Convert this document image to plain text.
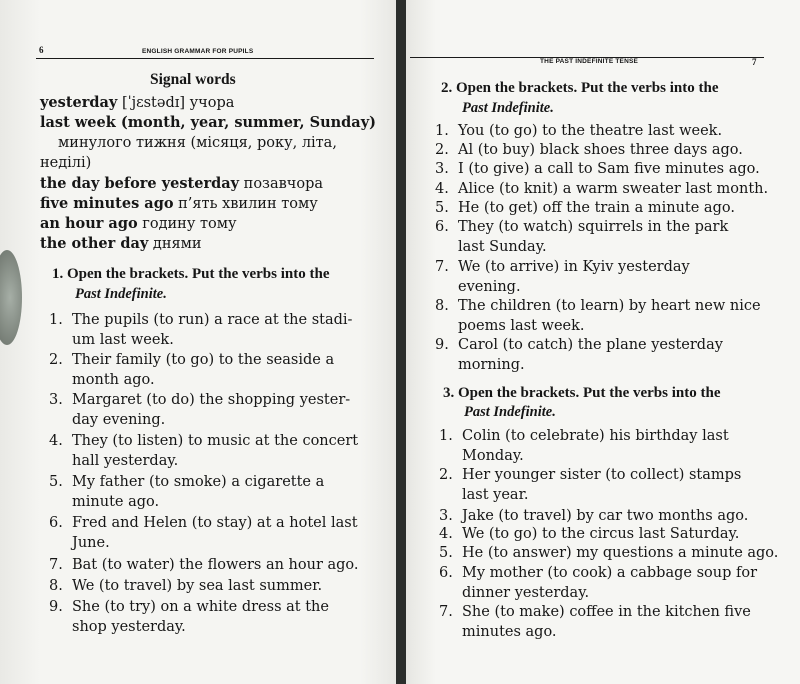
6	ENGLISH GRAMMAR FOR PUPILS
Signal words
yesterday [ˈjɛstədɪ] учора
last week (month, year, summer, Sunday)
минулого тижня (місяця, року, літа,
неділі)
the day before yesterday позавчора
five minutes ago п’ять хвилин тому
an hour ago годину тому
the other day днями
1. Open the brackets. Put the verbs into the
Past Indefinite.
1. The pupils (to run) a race at the stadi-
um last week.
2. Their family (to go) to the seaside a
month ago.
3. Margaret (to do) the shopping yester-
day evening.
4. They (to listen) to music at the concert
hall yesterday.
5. My father (to smoke) a cigarette a
minute ago.
6. Fred and Helen (to stay) at a hotel last
June.
7. Bat (to water) the flowers an hour ago.
8. We (to travel) by sea last summer.
9. She (to try) on a white dress at the
shop yesterday.
THE PAST INDEFINITE TENSE	7
2. Open the brackets. Put the verbs into the
Past Indefinite.
1. You (to go) to the theatre last week.
2. Al (to buy) black shoes three days ago.
3. I (to give) a call to Sam five minutes ago.
4. Alice (to knit) a warm sweater last month.
5. He (to get) off the train a minute ago.
6. They (to watch) squirrels in the park
last Sunday.
7. We (to arrive) in Kyiv yesterday
evening.
8. The children (to learn) by heart new nice
poems last week.
9. Carol (to catch) the plane yesterday
morning.
3. Open the brackets. Put the verbs into the
Past Indefinite.
1. Colin (to celebrate) his birthday last
Monday.
2. Her younger sister (to collect) stamps
last year.
3. Jake (to travel) by car two months ago.
4. We (to go) to the circus last Saturday.
5. He (to answer) my questions a minute ago.
6. My mother (to cook) a cabbage soup for
dinner yesterday.
7. She (to make) coffee in the kitchen five
minutes ago.
